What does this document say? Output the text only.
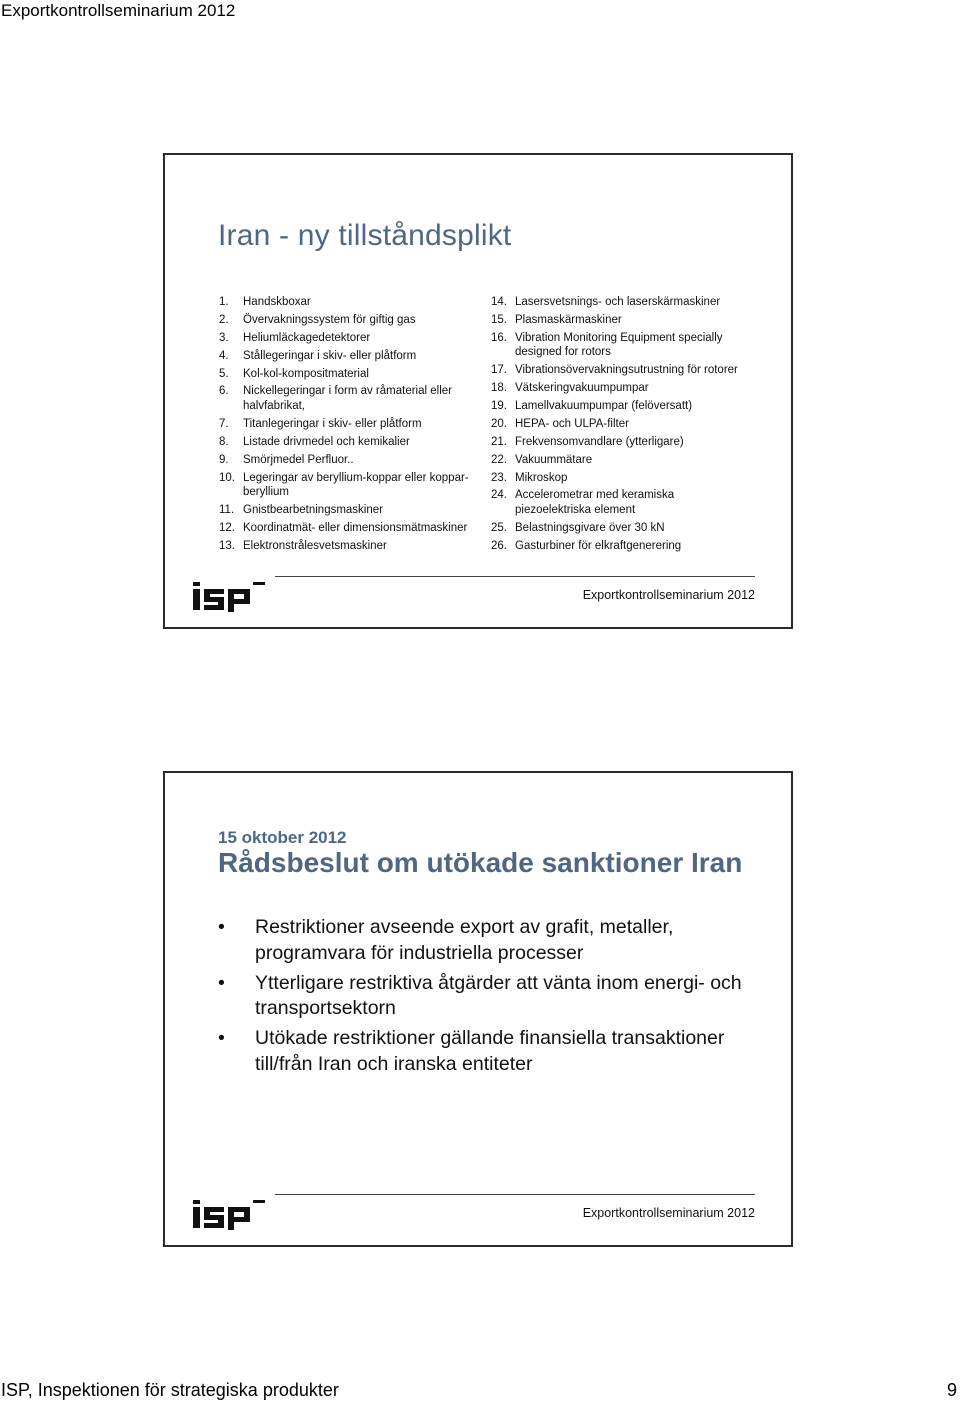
Exportkontrollseminarium 2012
Iran - ny tillståndsplikt
1. Handskboxar
2. Övervakningssystem för giftig gas
3. Heliumläckagedetektorer
4. Stållegeringar i skiv- eller plåtform
5. Kol-kol-kompositmaterial
6. Nickellegeringar i form av råmaterial eller halvfabrikat,
7. Titanlegeringar i skiv- eller plåtform
8. Listade drivmedel och kemikalier
9. Smörjmedel Perfluor..
10. Legeringar av beryllium-koppar eller koppar-beryllium
11. Gnistbearbetningsmaskiner
12. Koordinatmät- eller dimensionsmätmaskiner
13. Elektronstrålesvetsmaskiner
14. Lasersvetsnings- och laserskärmaskiner
15. Plasmaskärmaskiner
16. Vibration Monitoring Equipment specially designed for rotors
17. Vibrationsövervakningsutrustning för rotorer
18. Vätskeringvakuumpumpar
19. Lamellvakuumpumpar (felöversatt)
20. HEPA- och ULPA-filter
21. Frekvensomvandlare (ytterligare)
22. Vakuummätare
23. Mikroskop
24. Accelerometrar med keramiska piezoelektriska element
25. Belastningsgivare över 30 kN
26. Gasturbiner för elkraftgenerering
Exportkontrollseminarium 2012
15 oktober 2012
Rådsbeslut om utökade sanktioner Iran
• Restriktioner avseende export av grafit, metaller, programvara för industriella processer
• Ytterligare restriktiva åtgärder att vänta inom energi- och transportsektorn
• Utökade restriktioner gällande finansiella transaktioner till/från Iran och iranska entiteter
Exportkontrollseminarium 2012
ISP, Inspektionen för strategiska produkter	9
